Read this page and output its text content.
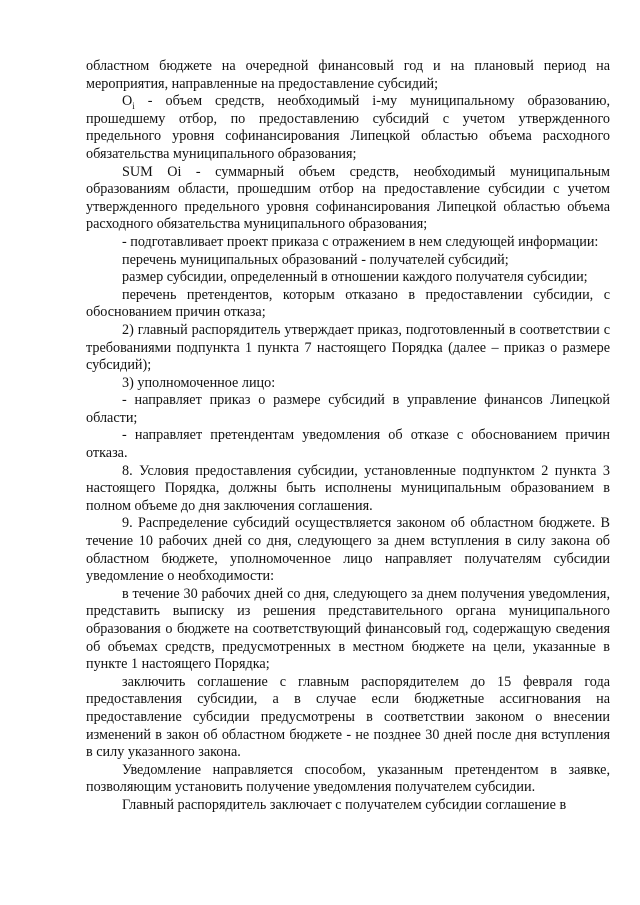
областном бюджете на очередной финансовый год и на плановый период на мероприятия, направленные на предоставление субсидий;

$O_i$ - объем средств, необходимый i-му муниципальному образованию, прошедшему отбор, по предоставлению субсидий с учетом утвержденного предельного уровня софинансирования Липецкой областью объема расходного обязательства муниципального образования;

SUM Oi - суммарный объем средств, необходимый муниципальным образованиям области, прошедшим отбор на предоставление субсидии с учетом утвержденного предельного уровня софинансирования Липецкой областью объема расходного обязательства муниципального образования;

- подготавливает проект приказа с отражением в нем следующей информации:

перечень муниципальных образований - получателей субсидий;

размер субсидии, определенный в отношении каждого получателя субсидии;

перечень претендентов, которым отказано в предоставлении субсидии, с обоснованием причин отказа;

2) главный распорядитель утверждает приказ, подготовленный в соответствии с требованиями подпункта 1 пункта 7 настоящего Порядка (далее – приказ о размере субсидий);

3) уполномоченное лицо:

- направляет приказ о размере субсидий в управление финансов Липецкой области;

- направляет претендентам уведомления об отказе с обоснованием причин отказа.

8. Условия предоставления субсидии, установленные подпунктом 2 пункта 3 настоящего Порядка, должны быть исполнены муниципальным образованием в полном объеме до дня заключения соглашения.

9. Распределение субсидий осуществляется законом об областном бюджете. В течение 10 рабочих дней со дня, следующего за днем вступления в силу закона об областном бюджете, уполномоченное лицо направляет получателям субсидии уведомление о необходимости:

в течение 30 рабочих дней со дня, следующего за днем получения уведомления, представить выписку из решения представительного органа муниципального образования о бюджете на соответствующий финансовый год, содержащую сведения об объемах средств, предусмотренных в местном бюджете на цели, указанные в пункте 1 настоящего Порядка;

заключить соглашение с главным распорядителем до 15 февраля года предоставления субсидии, а в случае если бюджетные ассигнования на предоставление субсидии предусмотрены в соответствии законом о внесении изменений в закон об областном бюджете - не позднее 30 дней после дня вступления в силу указанного закона.

Уведомление направляется способом, указанным претендентом в заявке, позволяющим установить получение уведомления получателем субсидии.

Главный распорядитель заключает с получателем субсидии соглашение в
